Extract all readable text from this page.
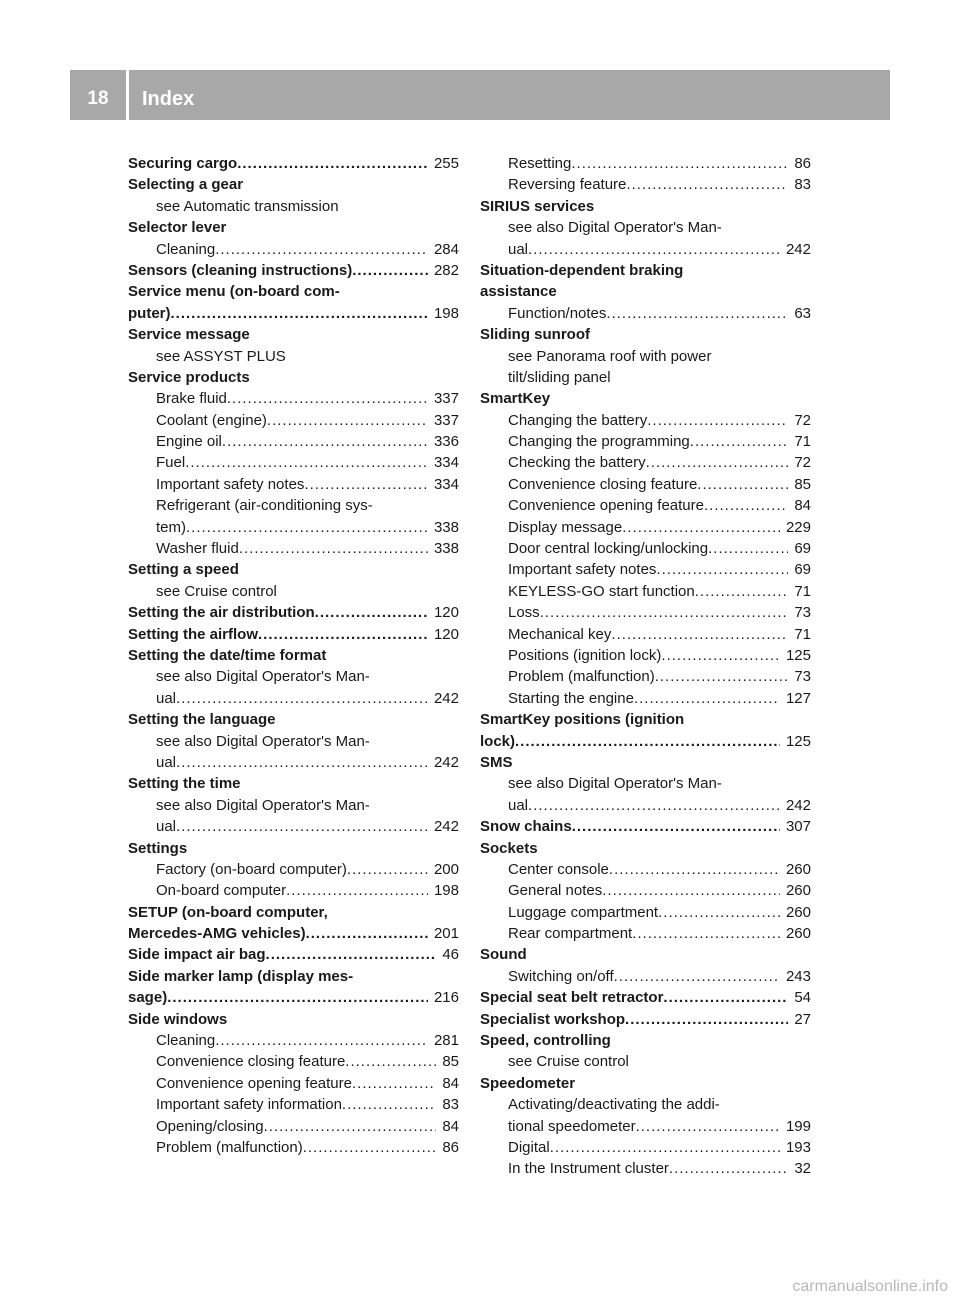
18	Index
Securing cargo .....	255
Selecting a gear
see Automatic transmission
Selector lever
Cleaning .....	284
Sensors (cleaning instructions) .....	282
Service menu (on-board com-
puter) .....	198
Service message
see ASSYST PLUS
Service products
Brake fluid .....	337
Coolant (engine) .....	337
Engine oil .....	336
Fuel .....	334
Important safety notes .....	334
Refrigerant (air-conditioning sys-
tem) .....	338
Washer fluid .....	338
Setting a speed
see Cruise control
Setting the air distribution .....	120
Setting the airflow .....	120
Setting the date/time format
see also Digital Operator's Man-
ual .....	242
Setting the language
see also Digital Operator's Man-
ual .....	242
Setting the time
see also Digital Operator's Man-
ual .....	242
Settings
Factory (on-board computer) .....	200
On-board computer .....	198
SETUP (on-board computer,
Mercedes-AMG vehicles) .....	201
Side impact air bag .....	46
Side marker lamp (display mes-
sage) .....	216
Side windows
Cleaning .....	281
Convenience closing feature .....	85
Convenience opening feature .....	84
Important safety information .....	83
Opening/closing .....	84
Problem (malfunction) .....	86
Resetting .....	86
Reversing feature .....	83
SIRIUS services
see also Digital Operator's Man-
ual .....	242
Situation-dependent braking
assistance
Function/notes .....	63
Sliding sunroof
see Panorama roof with power
tilt/sliding panel
SmartKey
Changing the battery .....	72
Changing the programming .....	71
Checking the battery .....	72
Convenience closing feature .....	85
Convenience opening feature .....	84
Display message .....	229
Door central locking/unlocking .....	69
Important safety notes .....	69
KEYLESS-GO start function .....	71
Loss .....	73
Mechanical key .....	71
Positions (ignition lock) .....	125
Problem (malfunction) .....	73
Starting the engine .....	127
SmartKey positions (ignition
lock) .....	125
SMS
see also Digital Operator's Man-
ual .....	242
Snow chains .....	307
Sockets
Center console .....	260
General notes .....	260
Luggage compartment .....	260
Rear compartment .....	260
Sound
Switching on/off .....	243
Special seat belt retractor .....	54
Specialist workshop .....	27
Speed, controlling
see Cruise control
Speedometer
Activating/deactivating the addi-
tional speedometer .....	199
Digital .....	193
In the Instrument cluster .....	32
carmanualsonline.info
